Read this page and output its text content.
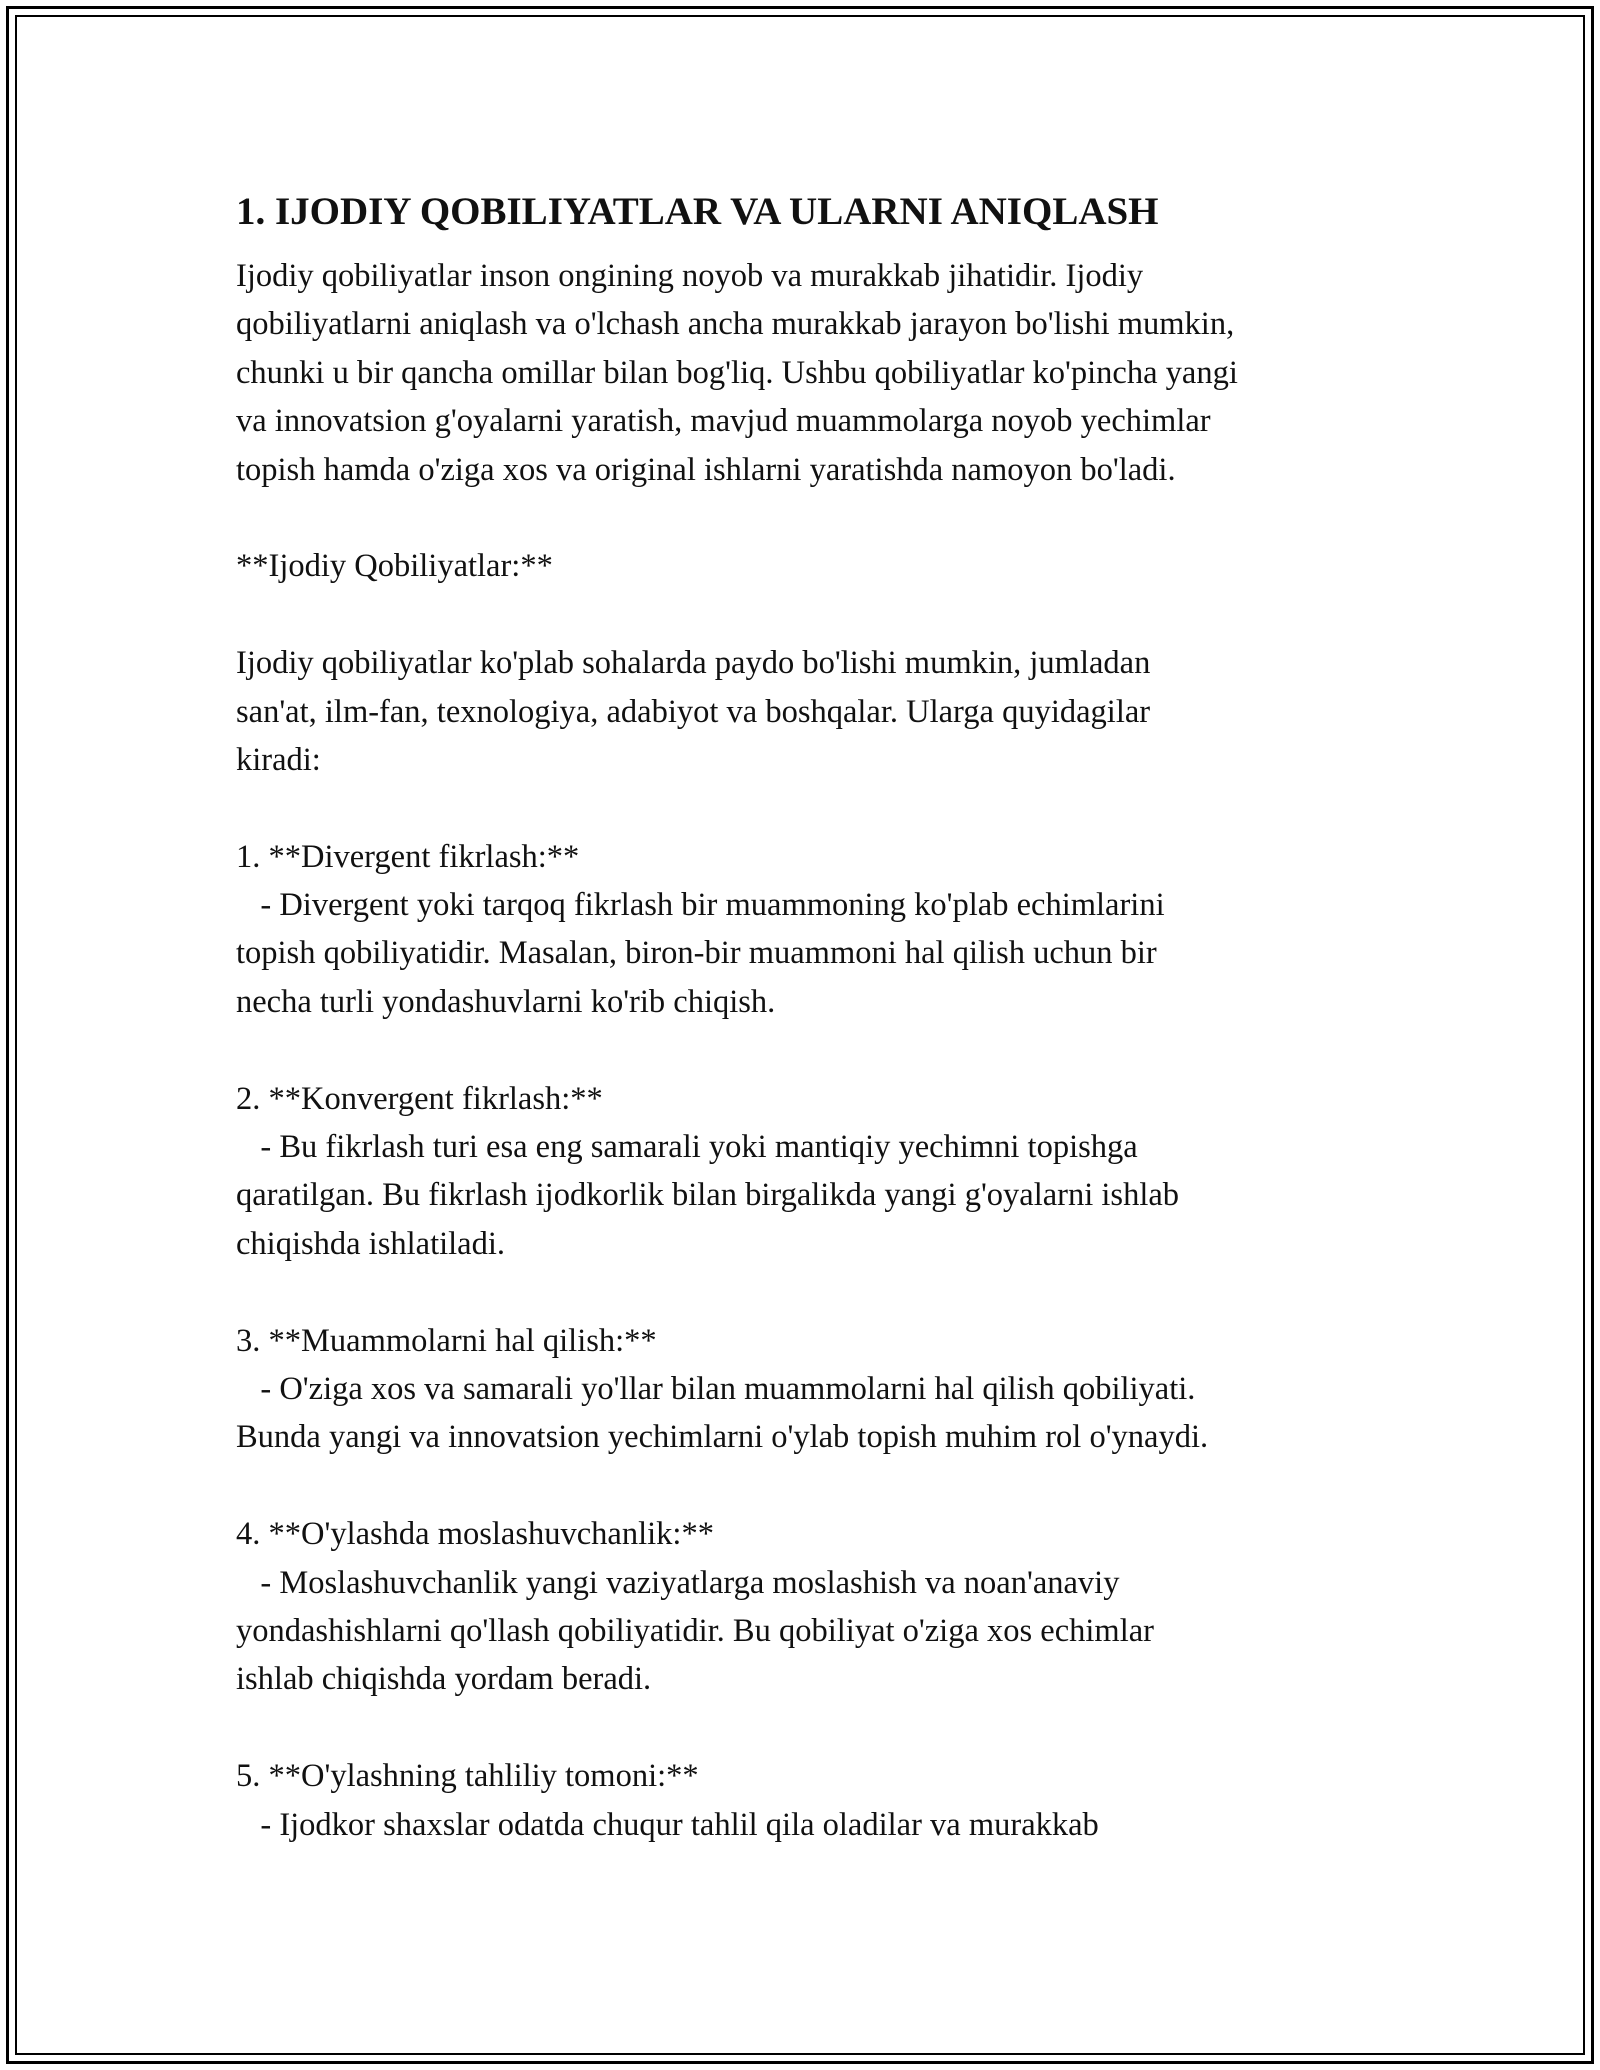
1. IJODIY QOBILIYATLAR VA ULARNI ANIQLASH
Ijodiy qobiliyatlar inson ongining noyob va murakkab jihatidir. Ijodiy
qobiliyatlarni aniqlash va o'lchash ancha murakkab jarayon bo'lishi mumkin,
chunki u bir qancha omillar bilan bog'liq. Ushbu qobiliyatlar ko'pincha yangi
va innovatsion g'oyalarni yaratish, mavjud muammolarga noyob yechimlar
topish hamda o'ziga xos va original ishlarni yaratishda namoyon bo'ladi.
**Ijodiy Qobiliyatlar:**
Ijodiy qobiliyatlar ko'plab sohalarda paydo bo'lishi mumkin, jumladan
san'at, ilm-fan, texnologiya, adabiyot va boshqalar. Ularga quyidagilar
kiradi:
1. **Divergent fikrlash:**
- Divergent yoki tarqoq fikrlash bir muammoning ko'plab echimlarini
topish qobiliyatidir. Masalan, biron-bir muammoni hal qilish uchun bir
necha turli yondashuvlarni ko'rib chiqish.
2. **Konvergent fikrlash:**
- Bu fikrlash turi esa eng samarali yoki mantiqiy yechimni topishga
qaratilgan. Bu fikrlash ijodkorlik bilan birgalikda yangi g'oyalarni ishlab
chiqishda ishlatiladi.
3. **Muammolarni hal qilish:**
- O'ziga xos va samarali yo'llar bilan muammolarni hal qilish qobiliyati.
Bunda yangi va innovatsion yechimlarni o'ylab topish muhim rol o'ynaydi.
4. **O'ylashda moslashuvchanlik:**
- Moslashuvchanlik yangi vaziyatlarga moslashish va noan'anaviy
yondashishlarni qo'llash qobiliyatidir. Bu qobiliyat o'ziga xos echimlar
ishlab chiqishda yordam beradi.
5. **O'ylashning tahliliy tomoni:**
- Ijodkor shaxslar odatda chuqur tahlil qila oladilar va murakkab
